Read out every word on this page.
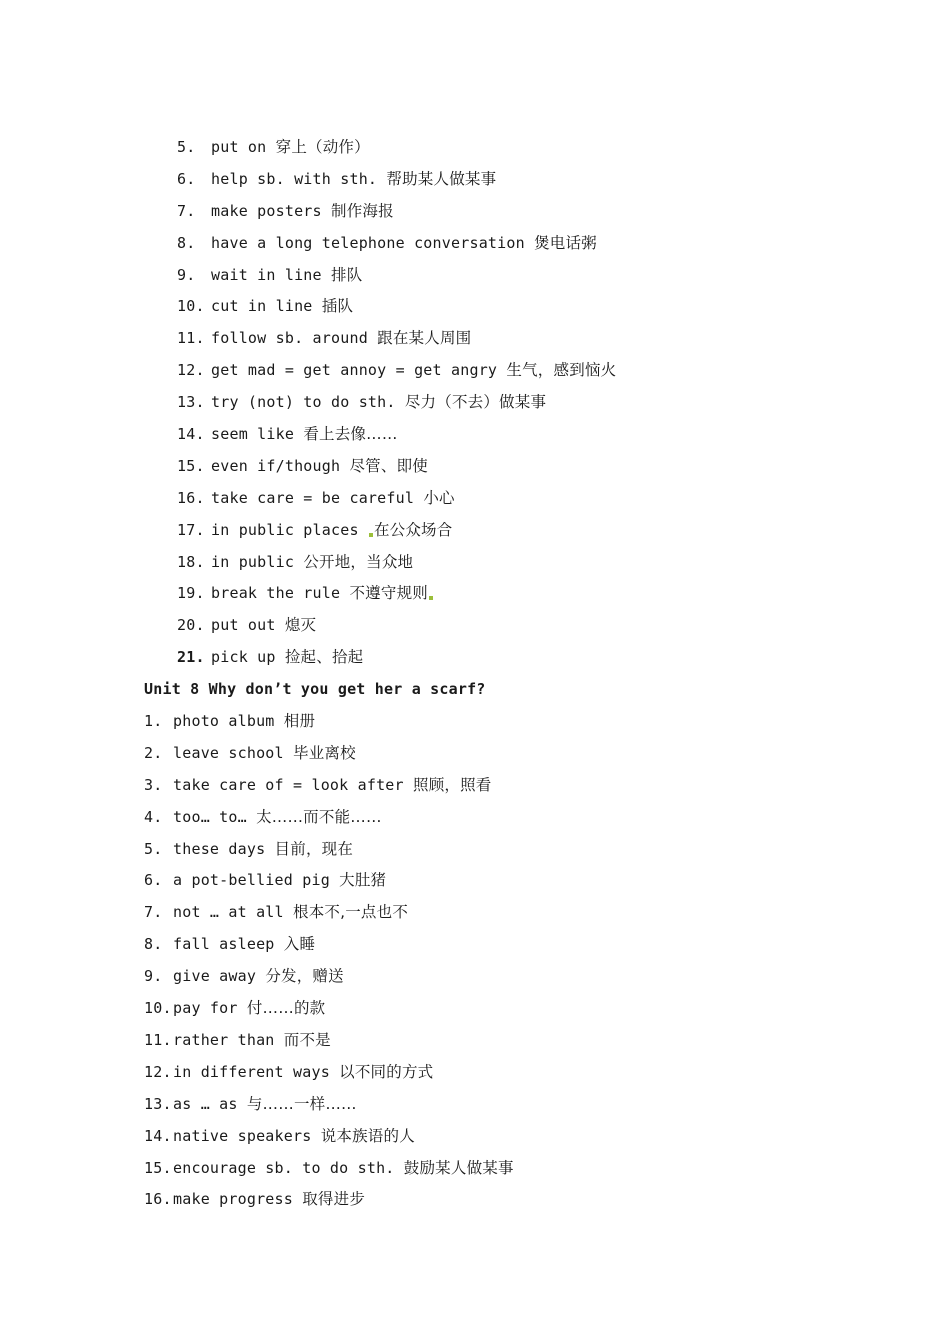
5. put on 穿上（动作）
6. help sb. with sth. 帮助某人做某事
7. make posters 制作海报
8. have a long telephone conversation 煲电话粥
9. wait in line 排队
10. cut in line 插队
11. follow sb. around 跟在某人周围
12. get mad = get annoy = get angry 生气，感到恼火
13. try (not) to do sth. 尽力（不去）做某事
14. seem like 看上去像……
15. even if/though 尽管、即使
16. take care = be careful 小心
17. in public places 在公众场合
18. in public 公开地，当众地
19. break the rule 不遵守规则
20. put out 熄灭
21. pick up 捡起、拾起
Unit 8 Why don’t you get her a scarf?
1. photo album 相册
2. leave school 毕业离校
3. take care of = look after 照顾，照看
4. too… to… 太……而不能……
5. these days 目前，现在
6. a pot-bellied pig 大肚猪
7. not … at all 根本不,一点也不
8. fall asleep 入睡
9. give away 分发，赠送
10.pay for 付……的款
11.rather than 而不是
12.in different ways 以不同的方式
13.as … as 与……一样……
14.native speakers 说本族语的人
15.encourage sb. to do sth. 鼓励某人做某事
16.make progress 取得进步
